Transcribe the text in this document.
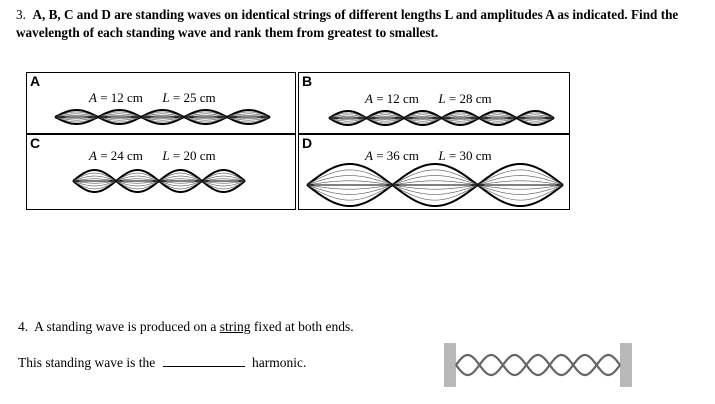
3. A, B, C and D are standing waves on identical strings of different lengths L and amplitudes A as indicated. Find the wavelength of each standing wave and rank them from greatest to smallest.
A
A = 12 cm L = 25 cm
B
A = 12 cm L = 28 cm
C
A = 24 cm L = 20 cm
D
A = 36 cm L = 30 cm
4. A standing wave is produced on a string fixed at both ends.
This standing wave is the	harmonic.
